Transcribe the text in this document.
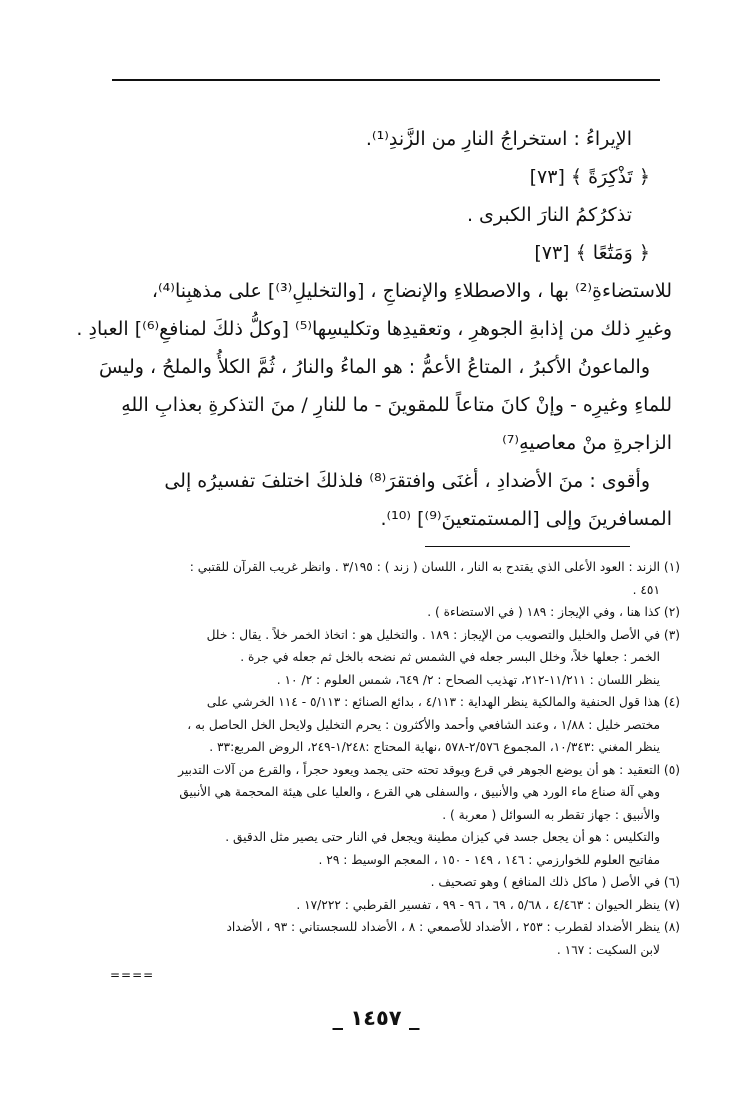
الإيراءُ : استخراجُ النارِ من الزَّندِ⁽¹⁾.
﴿ تَذْكِرَةً ﴾ [٧٣]
تذكرُكمُ النارَ الكبرى .
﴿ وَمَتَٰعًا ﴾ [٧٣]
للاستضاءةِ⁽²⁾ بها ، والاصطلاءِ والإنضاجِ ، [والتخليلِ⁽³⁾] على مذهبِنا⁽⁴⁾،
وغيرِ ذلك من إذابةِ الجوهرِ ، وتعقيدِها وتكليسِها⁽⁵⁾ [وكلُّ ذلكَ لمنافعِ⁽⁶⁾] العبادِ .
والماعونُ الأكبرُ ، المتاعُ الأعمُّ : هو الماءُ والنارُ ، ثُمَّ الكلأُ والملحُ ، وليسَ
للماءِ وغيرِه - وإنْ كانَ متاعاً للمقوينَ - ما للنارِ / منَ التذكرةِ بعذابِ اللهِ
الزاجرةِ منْ معاصيهِ⁽⁷⁾
وأقوى : منَ الأضدادِ ، أغنَى وافتقرَ⁽⁸⁾ فلذلكَ اختلفَ تفسيرُه إلى
المسافرينَ وإلى [المستمتعينَ⁽⁹⁾] ⁽¹⁰⁾.
(١) الزند : العود الأعلى الذي يقتدح به النار ، اللسان ( زند ) : ٣/١٩٥ . وانظر غريب القرآن للقتبي :
٤٥١ .
(٢) كذا هنا ، وفي الإيجاز : ١٨٩ ( في الاستضاءة ) .
(٣) في الأصل والخليل والتصويب من الإيجاز : ١٨٩ . والتخليل هو : اتخاذ الخمر خلاً . يقال : خلل
الخمر : جعلها خلاً، وخلل البسر جعله في الشمس ثم نضحه بالخل ثم جعله في جرة .
ينظر اللسان : ١١/٢١١-٢١٢، تهذيب الصحاح : ٢/ ٦٤٩، شمس العلوم : ٢/ ١٠ .
(٤) هذا قول الحنفية والمالكية ينظر الهداية : ٤/١١٣ ، بدائع الصنائع : ٥/١١٣ - ١١٤ الخرشي على
مختصر خليل : ١/٨٨ ، وعند الشافعي وأحمد والأكثرون : يحرم التخليل ولايحل الخل الحاصل به ،
ينظر المغني :١٠/٣٤٣، المجموع ٢/٥٧٦-٥٧٨ ،نهاية المحتاج :١/٢٤٨-٢٤٩، الروض المربع:٣٣ .
(٥) التعقيد : هو أن يوضع الجوهر في قرع ويوقد تحته حتى يجمد ويعود حجراً ، والقرع من آلات التدبير
وهي آلة صناع ماء الورد هي والأنبيق ، والسفلى هي القرع ، والعليا على هيئة المحجمة هي الأنبيق
والأنبيق : جهاز تقطر به السوائل ( معربة ) .
والتكليس : هو أن يجعل جسد في كيزان مطينة ويجعل في النار حتى يصير مثل الدقيق .
مفاتيح العلوم للخوارزمي : ١٤٦ ، ١٤٩ - ١٥٠ ، المعجم الوسيط : ٢٩ .
(٦) في الأصل ( ماكل ذلك المنافع ) وهو تصحيف .
(٧) ينظر الحيوان : ٤/٤٦٣ ، ٥/٦٨ ، ٦٩ ، ٩٦ - ٩٩ ، تفسير القرطبي : ١٧/٢٢٢ .
(٨) ينظر الأضداد لقطرب : ٢٥٣ ، الأضداد للأصمعي : ٨ ، الأضداد للسجستاني : ٩٣ ، الأضداد
لابن السكيت : ١٦٧ .
====
_ ١٤٥٧ _
